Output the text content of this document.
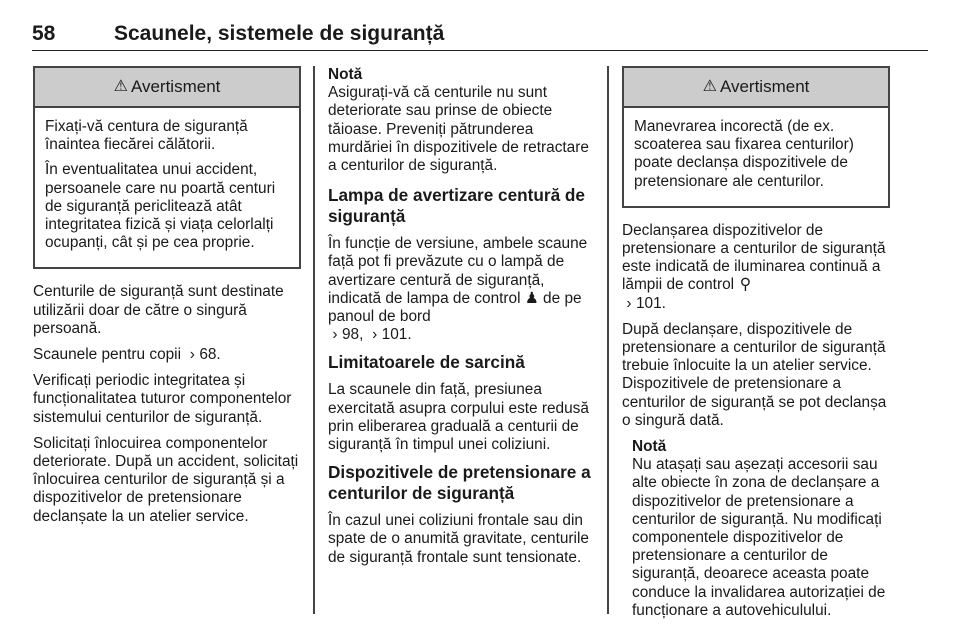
58	Scaunele, sistemele de siguranță
⚠ Avertisment

Fixați-vă centura de siguranță înaintea fiecărei călătorii.

În eventualitatea unui accident, persoanele care nu poartă centuri de siguranță periclitează atât integritatea fizică și viața celorlalți ocupanți, cât și pe cea proprie.

Centurile de siguranță sunt destinate utilizării doar de către o singură persoană.

Scaunele pentru copii › 68.

Verificați periodic integritatea și funcționalitatea tuturor componentelor sistemului centurilor de siguranță.

Solicitați înlocuirea componentelor deteriorate. După un accident, solicitați înlocuirea centurilor de siguranță și a dispozitivelor de pretensionare declanșate la un atelier service.

Notă
Asigurați-vă că centurile nu sunt deteriorate sau prinse de obiecte tăioase. Preveniți pătrunderea murdăriei în dispozitivele de retractare a centurilor de siguranță.
Lampa de avertizare centură de siguranță

În funcție de versiune, ambele scaune față pot fi prevăzute cu o lampă de avertizare centură de siguranță, indicată de lampa de control ♟ de pe panoul de bord
› 98, › 101.

Limitatoarele de sarcină

La scaunele din față, presiunea exercitată asupra corpului este redusă prin eliberarea graduală a centurii de siguranță în timpul unei coliziuni.

Dispozitivele de pretensionare a centurilor de siguranță

În cazul unei coliziuni frontale sau din spate de o anumită gravitate, centurile de siguranță frontale sunt tensionate.

⚠ Avertisment

Manevrarea incorectă (de ex. scoaterea sau fixarea centurilor) poate declanșa dispozitivele de pretensionare ale centurilor.

Declanșarea dispozitivelor de pretensionare a centurilor de siguranță este indicată de iluminarea continuă a lămpii de control ⚲
› 101.

După declanșare, dispozitivele de pretensionare a centurilor de siguranță trebuie înlocuite la un atelier service. Dispozitivele de pretensionare a centurilor de siguranță se pot declanșa o singură dată.

Notă
Nu atașați sau așezați accesorii sau alte obiecte în zona de declanșare a dispozitivelor de pretensionare a centurilor de siguranță. Nu modificați componentele dispozitivelor de pretensionare a centurilor de siguranță, deoarece aceasta poate conduce la invalidarea autorizației de funcționare a autovehiculului.
